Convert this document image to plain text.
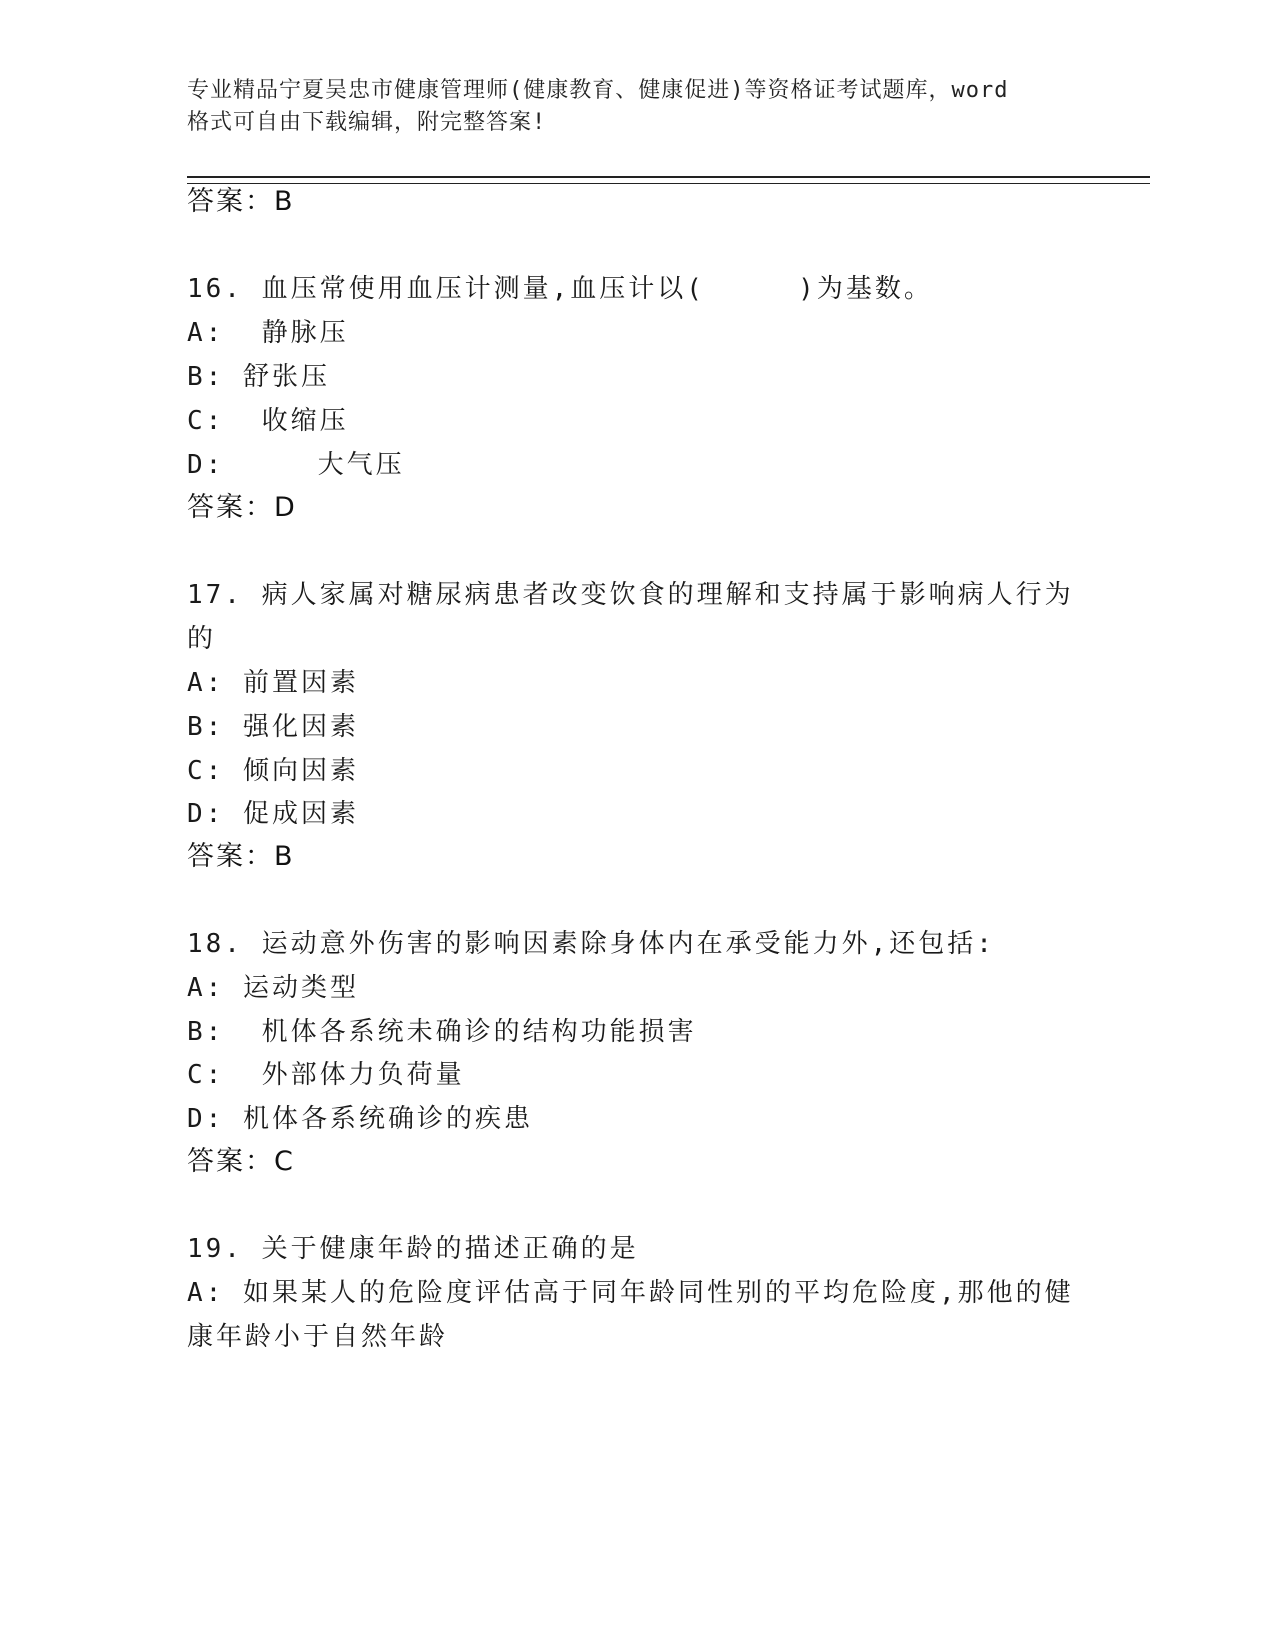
专业精品宁夏吴忠市健康管理师(健康教育、健康促进)等资格证考试题库，word
格式可自由下载编辑，附完整答案!
答案：B
16. 血压常使用血压计测量,血压计以(     )为基数。
A:  静脉压
B: 舒张压
C:  收缩压
D:     大气压
答案：D
17. 病人家属对糖尿病患者改变饮食的理解和支持属于影响病人行为
的
A: 前置因素
B: 强化因素
C: 倾向因素
D: 促成因素
答案：B
18. 运动意外伤害的影响因素除身体内在承受能力外,还包括:
A: 运动类型
B:  机体各系统未确诊的结构功能损害
C:  外部体力负荷量
D: 机体各系统确诊的疾患
答案：C
19. 关于健康年龄的描述正确的是
A: 如果某人的危险度评估高于同年龄同性别的平均危险度,那他的健
康年龄小于自然年龄
